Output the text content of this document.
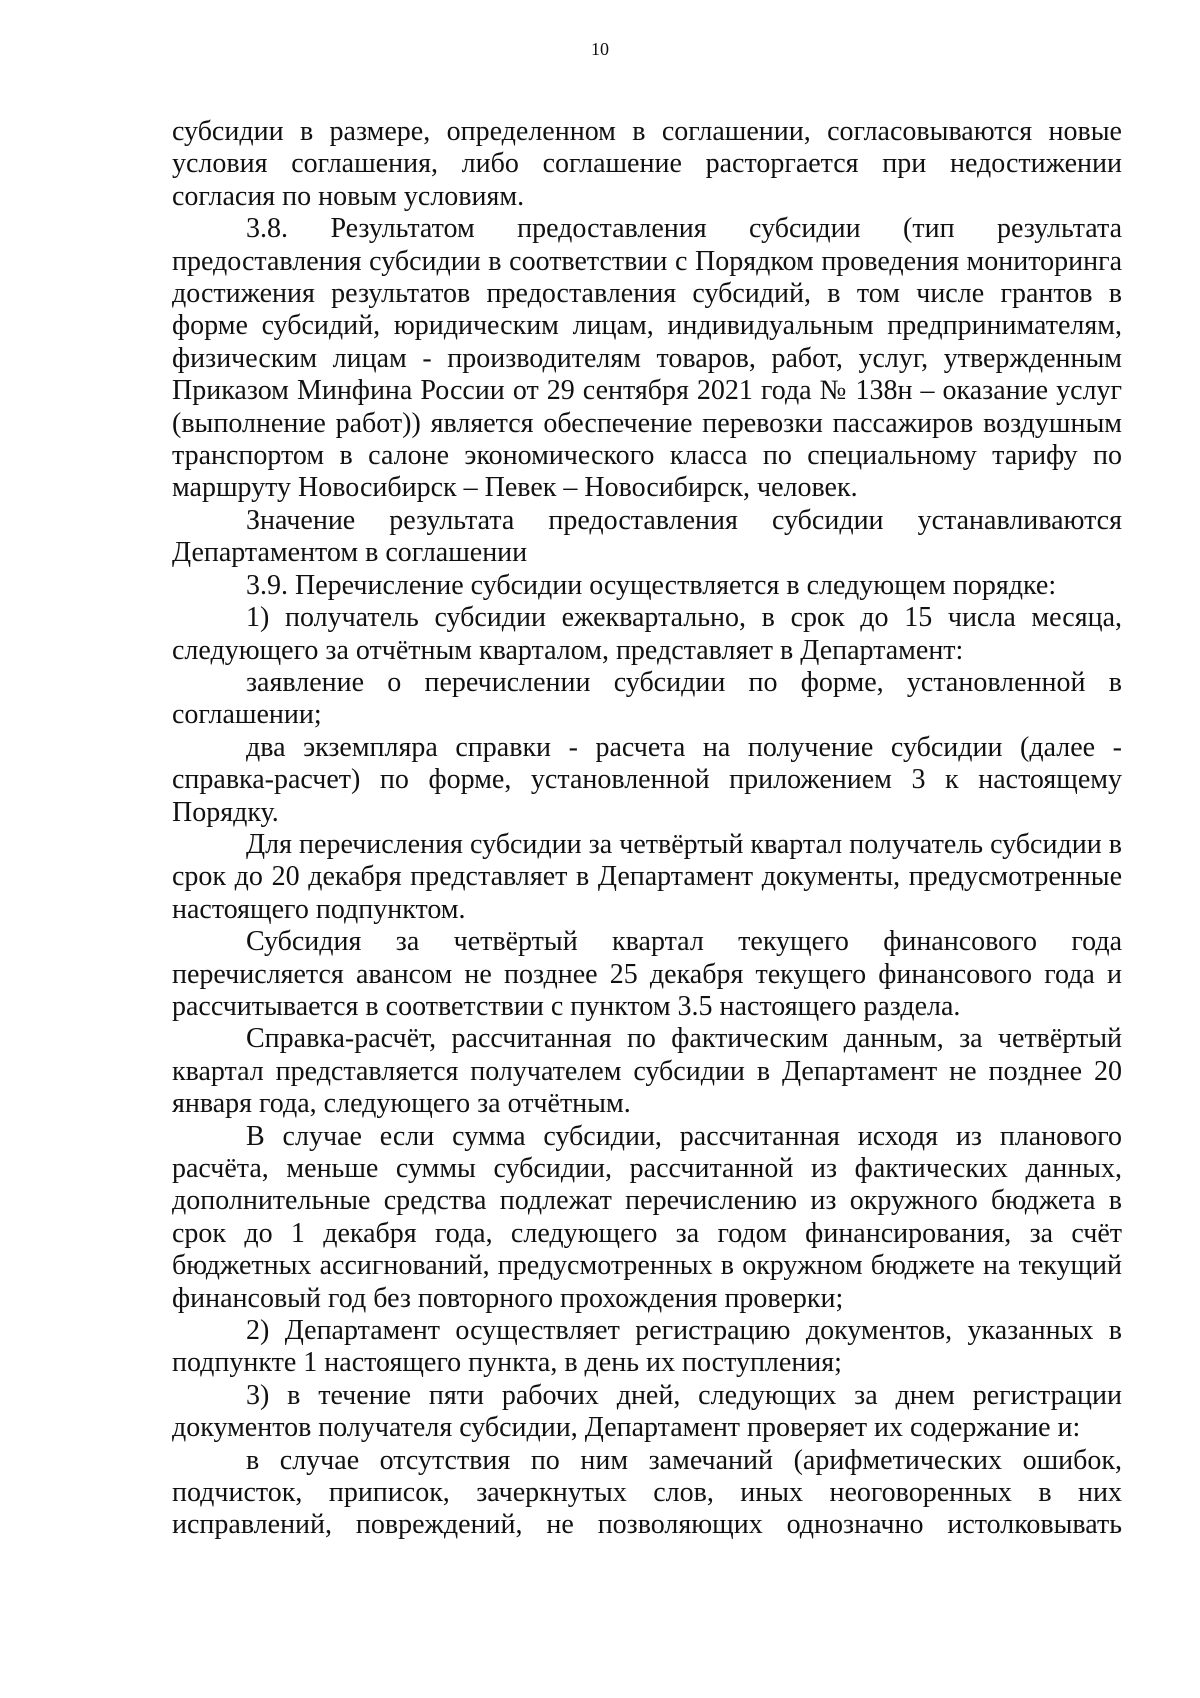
10

субсидии в размере, определенном в соглашении, согласовываются новые условия соглашения, либо соглашение расторгается при недостижении согласия по новым условиям.

3.8. Результатом предоставления субсидии (тип результата предоставления субсидии в соответствии с Порядком проведения мониторинга достижения результатов предоставления субсидий, в том числе грантов в форме субсидий, юридическим лицам, индивидуальным предпринимателям, физическим лицам - производителям товаров, работ, услуг, утвержденным Приказом Минфина России от 29 сентября 2021 года № 138н – оказание услуг (выполнение работ)) является обеспечение перевозки пассажиров воздушным транспортом в салоне экономического класса по специальному тарифу по маршруту Новосибирск – Певек – Новосибирск, человек.

Значение результата предоставления субсидии устанавливаются Департаментом в соглашении

3.9. Перечисление субсидии осуществляется в следующем порядке:

1) получатель субсидии ежеквартально, в срок до 15 числа месяца, следующего за отчётным кварталом, представляет в Департамент:

заявление о перечислении субсидии по форме, установленной в соглашении;

два экземпляра справки - расчета на получение субсидии (далее - справка-расчет) по форме, установленной приложением 3 к настоящему Порядку.

Для перечисления субсидии за четвёртый квартал получатель субсидии в срок до 20 декабря представляет в Департамент документы, предусмотренные настоящего подпунктом.

Субсидия за четвёртый квартал текущего финансового года перечисляется авансом не позднее 25 декабря текущего финансового года и рассчитывается в соответствии с пунктом 3.5 настоящего раздела.

Справка-расчёт, рассчитанная по фактическим данным, за четвёртый квартал представляется получателем субсидии в Департамент не позднее 20 января года, следующего за отчётным.

В случае если сумма субсидии, рассчитанная исходя из планового расчёта, меньше суммы субсидии, рассчитанной из фактических данных, дополнительные средства подлежат перечислению из окружного бюджета в срок до 1 декабря года, следующего за годом финансирования, за счёт бюджетных ассигнований, предусмотренных в окружном бюджете на текущий финансовый год без повторного прохождения проверки;

2) Департамент осуществляет регистрацию документов, указанных в подпункте 1 настоящего пункта, в день их поступления;

3) в течение пяти рабочих дней, следующих за днем регистрации документов получателя субсидии, Департамент проверяет их содержание и:

в случае отсутствия по ним замечаний (арифметических ошибок, подчисток, приписок, зачеркнутых слов, иных неоговоренных в них исправлений, повреждений, не позволяющих однозначно истолковывать
